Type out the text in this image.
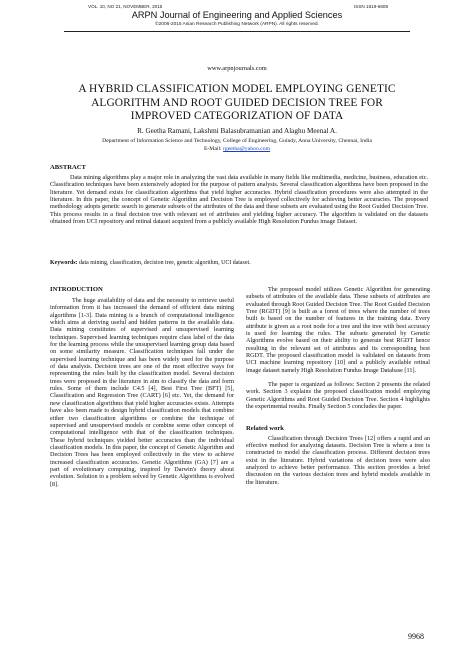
VOL. 10, NO 21, NOVEMBER, 2015	ISSN 1819-6608
ARPN Journal of Engineering and Applied Sciences
©2006-2015 Asian Research Publishing Network (ARPN). All rights reserved.
www.arpnjournals.com
A HYBRID CLASSIFICATION MODEL EMPLOYING GENETIC
ALGORITHM AND ROOT GUIDED DECISION TREE FOR
IMPROVED CATEGORIZATION OF DATA
R. Geetha Ramani, Lakshmi Balasubramanian and Alaghu Meenal A.
Department of Information Science and Technology, College of Engineering, Guindy, Anna University, Chennai, India
E-Mail: rgeetha@yahoo.com
ABSTRACT
Data mining algorithms play a major role in analyzing the vast data available in many fields like multimedia, medicine, business, education etc. Classification techniques have been extensively adopted for the purpose of pattern analysis. Several classification algorithms have been proposed in the literature. Yet demand exists for classification algorithms that yield higher accuracies. Hybrid classification procedures were also attempted in the literature. In this paper, the concept of Genetic Algorithm and Decision Tree is employed collectively for achieving better accuracies. The proposed methodology adopts genetic search to generate subsets of the attributes of the data and these subsets are evaluated using the Root Guided Decision Tree. This process results in a final decision tree with relevant set of attributes and yielding higher accuracy. The algorithm is validated on the datasets obtained from UCI repository and retinal dataset acquired from a publicly available High Resolution Fundus image Dataset.
Keywords: data mining, classification, decision tree, genetic algorithm, UCI dataset.
INTRODUCTION

The huge availability of data and the necessity to retrieve useful information from it has increased the demand of efficient data mining algorithms [1-3]. Data mining is a branch of computational intelligence which aims at deriving useful and hidden patterns in the available data. Data mining constitutes of supervised and unsupervised learning techniques. Supervised learning techniques require class label of the data for the learning process while the unsupervised learning group data based on some similarity measure. Classification techniques fall under the supervised learning technique and has been widely used for the purpose of data analysis. Decision trees are one of the most effective ways for representing the rules built by the classification model. Several decision trees were proposed in the literature in aim to classify the data and form rules. Some of them include C4.5 [4], Best First Tree (BFT) [5], Classification and Regression Tree (CART) [6] etc. Yet, the demand for new classification algorithms that yield higher accuracies exists. Attempts have also been made to design hybrid classification models that combine either two classification algorithms or combine the technique of supervised and unsupervised models or combine some other concept of computational intelligence with that of the classification techniques. These hybrid techniques yielded better accuracies than the individual classification models. In this paper, the concept of Genetic Algorithm and Decision Trees has been employed collectively in the view to achieve increased classification accuracies. Genetic Algorithms (GA) [7] are a part of evolutionary computing, inspired by Darwin's theory about evolution. Solution to a problem solved by Genetic Algorithms is evolved [8].

The proposed model utilizes Genetic Algorithm for generating subsets of attributes of the available data. These subsets of attributes are evaluated through Root Guided Decision Tree. The Root Guided Decision Tree (RGDT) [9] is built as a forest of trees where the number of trees built is based on the number of features in the training data. Every attribute is given as a root node for a tree and the tree with best accuracy is used for learning the rules. The subsets generated by Genetic Algorithms evolve based on their ability to generate best RGDT hence resulting in the relevant set of attributes and its corresponding best RGDT. The proposed classification model is validated on datasets from UCI machine learning repository [10] and a publicly available retinal image dataset namely High Resolution Fundus Image Database [11].

The paper is organized as follows: Section 2 presents the related work. Section 3 explains the proposed classification model employing Genetic Algorithms and Root Guided Decision Tree. Section 4 highlights the experimental results. Finally Section 5 concludes the paper.

Related work

Classification through Decision Trees [12] offers a rapid and an effective method for analyzing datasets. Decision Tree is where a tree is constructed to model the classification process. Different decision trees exist in the literature. Hybrid variations of decision trees were also analyzed to achieve better performance. This section provides a brief discussion on the various decision trees and hybrid models available in the literature.

9968
